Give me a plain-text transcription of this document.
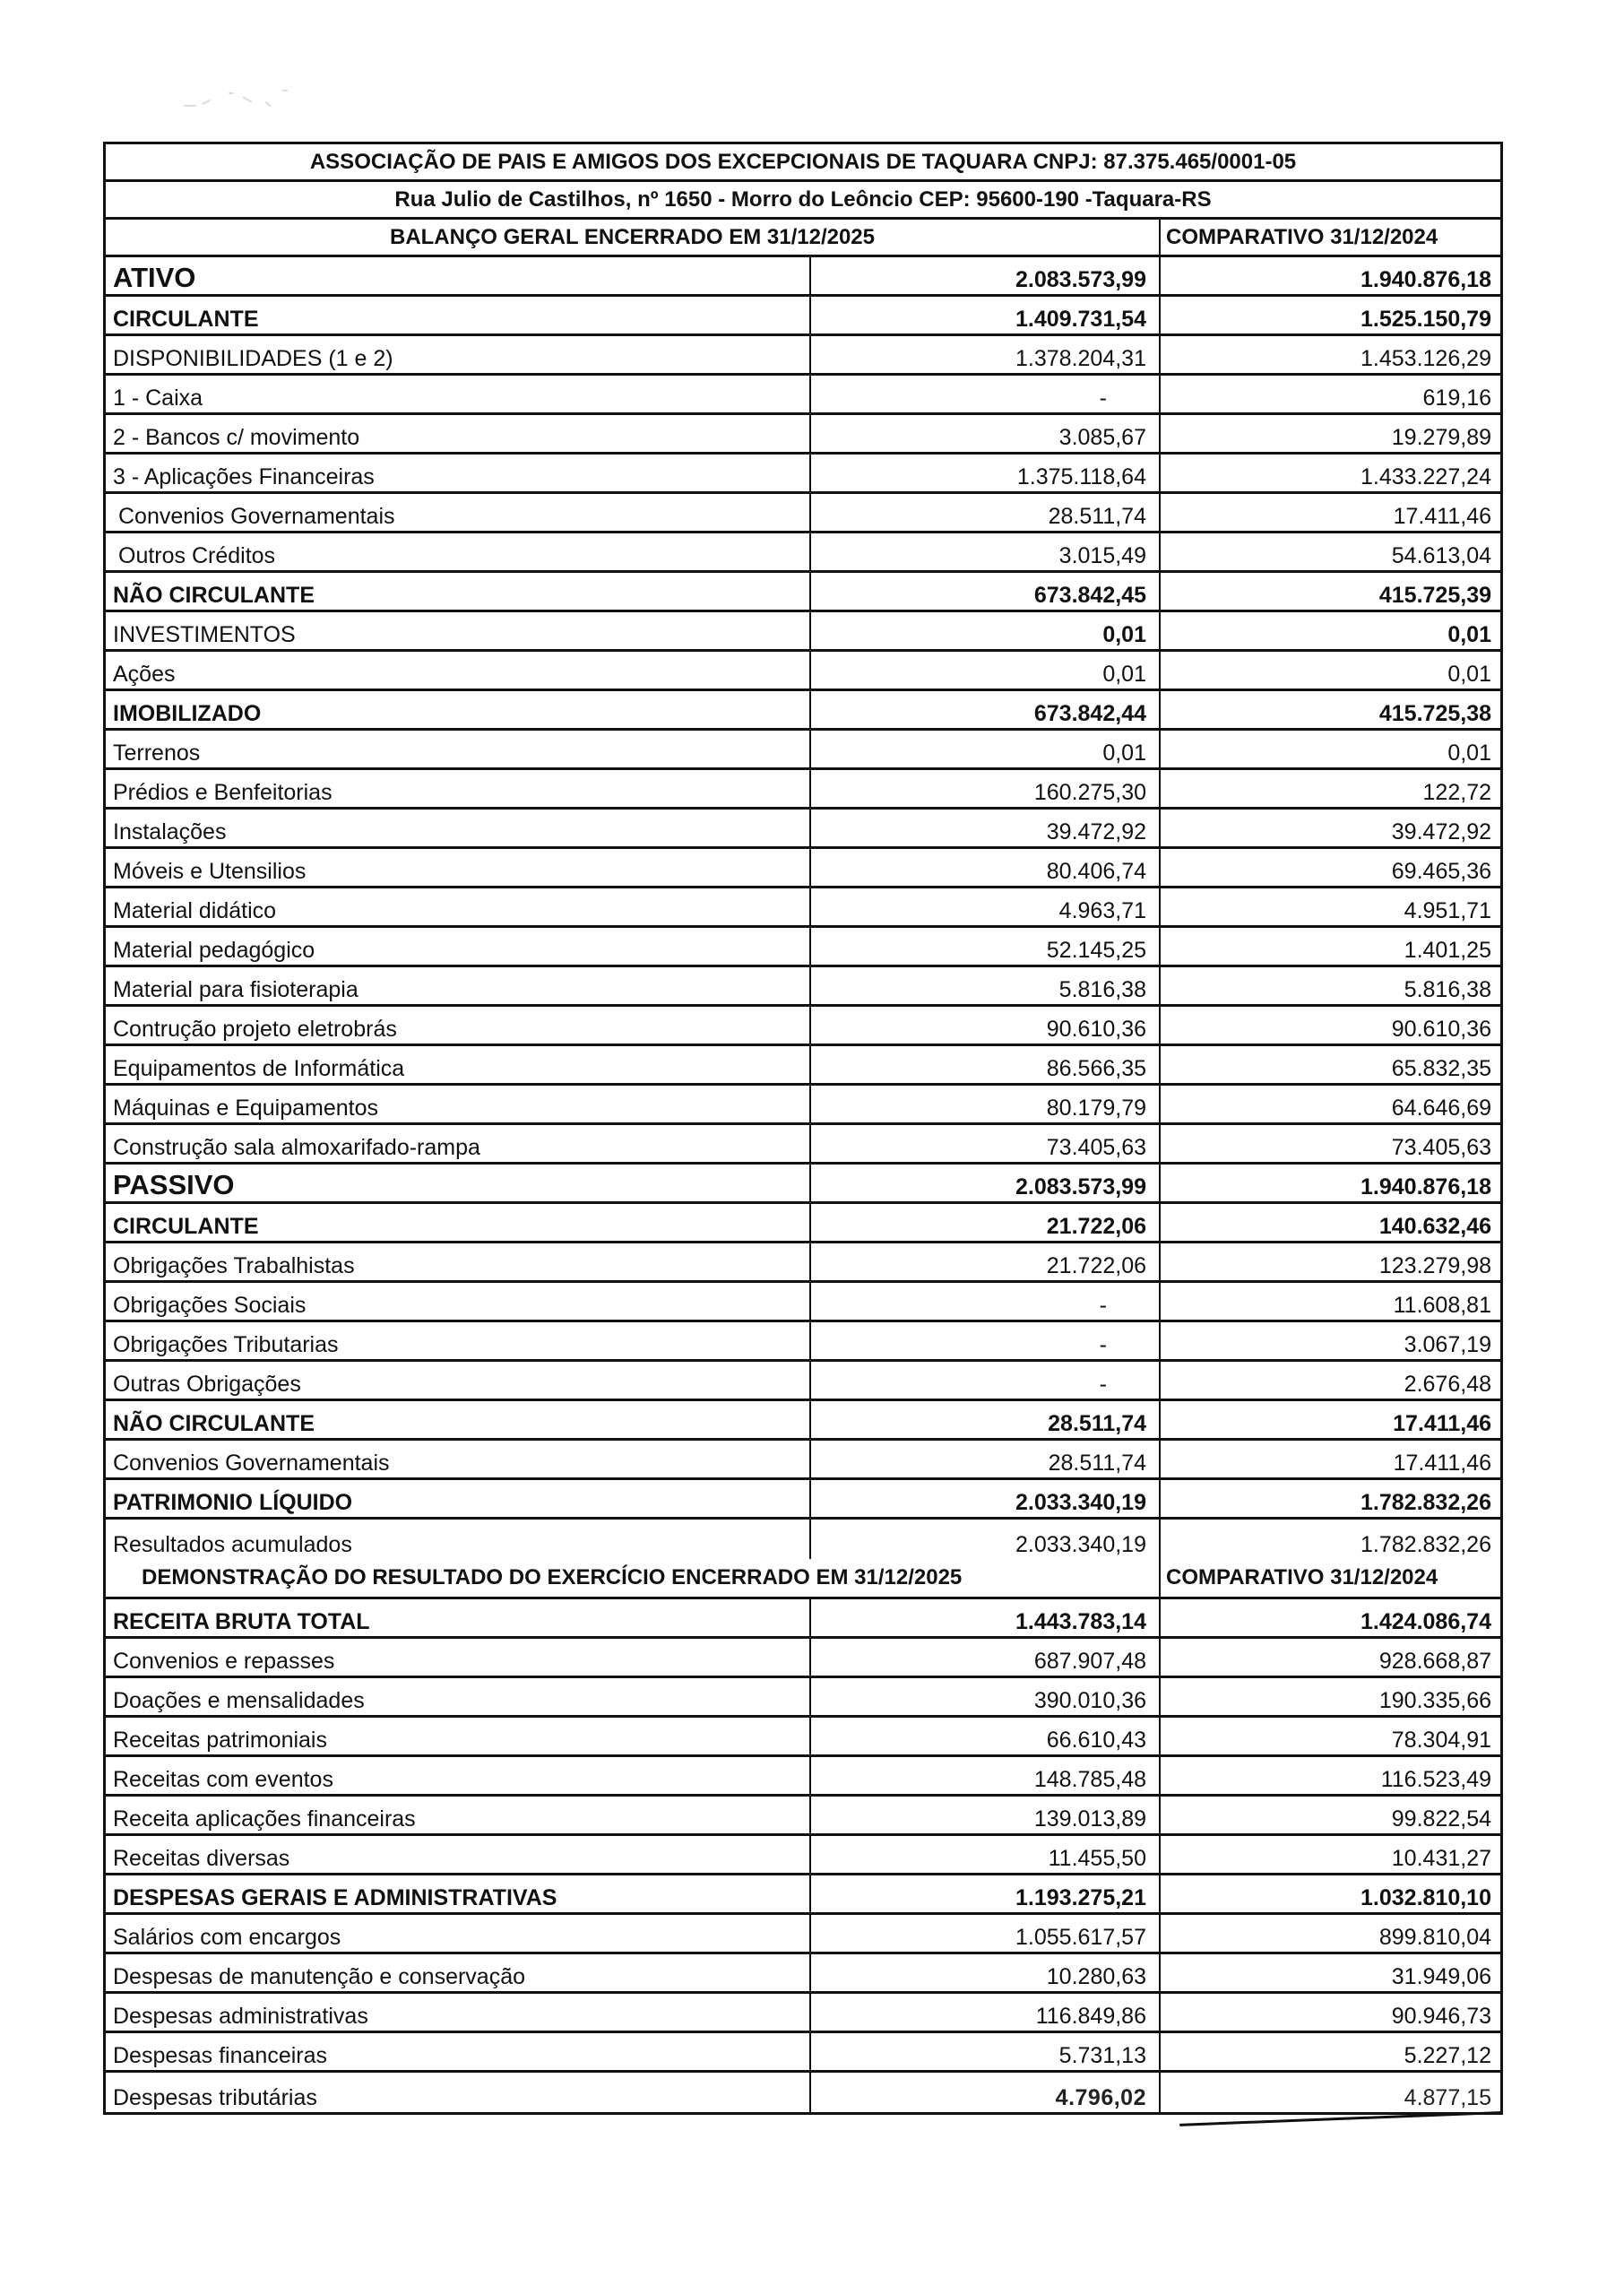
ASSOCIAÇÃO DE PAIS E AMIGOS DOS EXCEPCIONAIS DE TAQUARA CNPJ: 87.375.465/0001-05
Rua Julio de Castilhos, nº 1650 - Morro do Leôncio CEP: 95600-190 -Taquara-RS
BALANÇO GERAL ENCERRADO EM 31/12/2025	COMPARATIVO 31/12/2024
ATIVO	2.083.573,99	1.940.876,18
CIRCULANTE	1.409.731,54	1.525.150,79
DISPONIBILIDADES (1 e 2)	1.378.204,31	1.453.126,29
1 - Caixa	-	619,16
2 - Bancos c/ movimento	3.085,67	19.279,89
3 - Aplicações Financeiras	1.375.118,64	1.433.227,24
Convenios Governamentais	28.511,74	17.411,46
Outros Créditos	3.015,49	54.613,04
NÃO CIRCULANTE	673.842,45	415.725,39
INVESTIMENTOS	0,01	0,01
Ações	0,01	0,01
IMOBILIZADO	673.842,44	415.725,38
Terrenos	0,01	0,01
Prédios e Benfeitorias	160.275,30	122,72
Instalações	39.472,92	39.472,92
Móveis e Utensilios	80.406,74	69.465,36
Material didático	4.963,71	4.951,71
Material pedagógico	52.145,25	1.401,25
Material para fisioterapia	5.816,38	5.816,38
Contrução projeto eletrobrás	90.610,36	90.610,36
Equipamentos de Informática	86.566,35	65.832,35
Máquinas e Equipamentos	80.179,79	64.646,69
Construção sala almoxarifado-rampa	73.405,63	73.405,63
PASSIVO	2.083.573,99	1.940.876,18
CIRCULANTE	21.722,06	140.632,46
Obrigações Trabalhistas	21.722,06	123.279,98
Obrigações Sociais	-	11.608,81
Obrigações Tributarias	-	3.067,19
Outras Obrigações	-	2.676,48
NÃO CIRCULANTE	28.511,74	17.411,46
Convenios Governamentais	28.511,74	17.411,46
PATRIMONIO LÍQUIDO	2.033.340,19	1.782.832,26
Resultados acumulados	2.033.340,19	1.782.832,26
DEMONSTRAÇÃO DO RESULTADO DO EXERCÍCIO ENCERRADO EM 31/12/2025	COMPARATIVO 31/12/2024
RECEITA BRUTA TOTAL	1.443.783,14	1.424.086,74
Convenios e repasses	687.907,48	928.668,87
Doações e mensalidades	390.010,36	190.335,66
Receitas patrimoniais	66.610,43	78.304,91
Receitas com eventos	148.785,48	116.523,49
Receita aplicações financeiras	139.013,89	99.822,54
Receitas diversas	11.455,50	10.431,27
DESPESAS GERAIS E ADMINISTRATIVAS	1.193.275,21	1.032.810,10
Salários com encargos	1.055.617,57	899.810,04
Despesas de manutenção e conservação	10.280,63	31.949,06
Despesas administrativas	116.849,86	90.946,73
Despesas financeiras	5.731,13	5.227,12
Despesas tributárias	4.796,02	4.877,15
